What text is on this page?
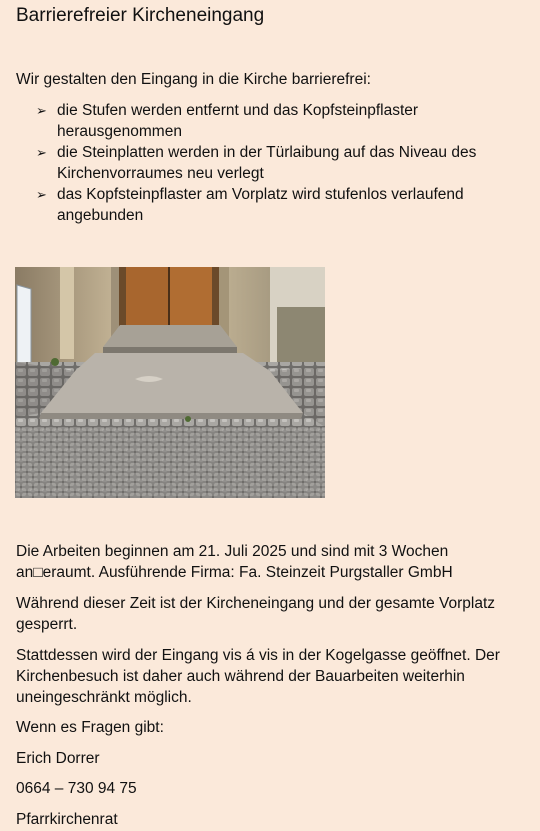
Barrierefreier Kircheneingang
Wir gestalten den Eingang in die Kirche barrierefrei:
➢ die Stufen werden entfernt und das Kopfsteinpflaster herausgenommen
➢ die Steinplatten werden in der Türlaibung auf das Niveau des Kirchenvorraumes neu verlegt
➢ das Kopfsteinpflaster am Vorplatz wird stufenlos verlaufend angebunden

Die Arbeiten beginnen am 21. Juli 2025 und sind mit 3 Wochen

an□eraumt. Ausführende Firma: Fa. Steinzeit Purgstaller GmbH

Während dieser Zeit ist der Kircheneingang und der gesamte Vorplatz gesperrt.

Stattdessen wird der Eingang vis á vis in der Kogelgasse geöffnet. Der Kirchenbesuch ist daher auch während der Bauarbeiten weiterhin uneingeschränkt möglich.

Wenn es Fragen gibt:

Erich Dorrer

0664 – 730 94 75

Pfarrkirchenrat
